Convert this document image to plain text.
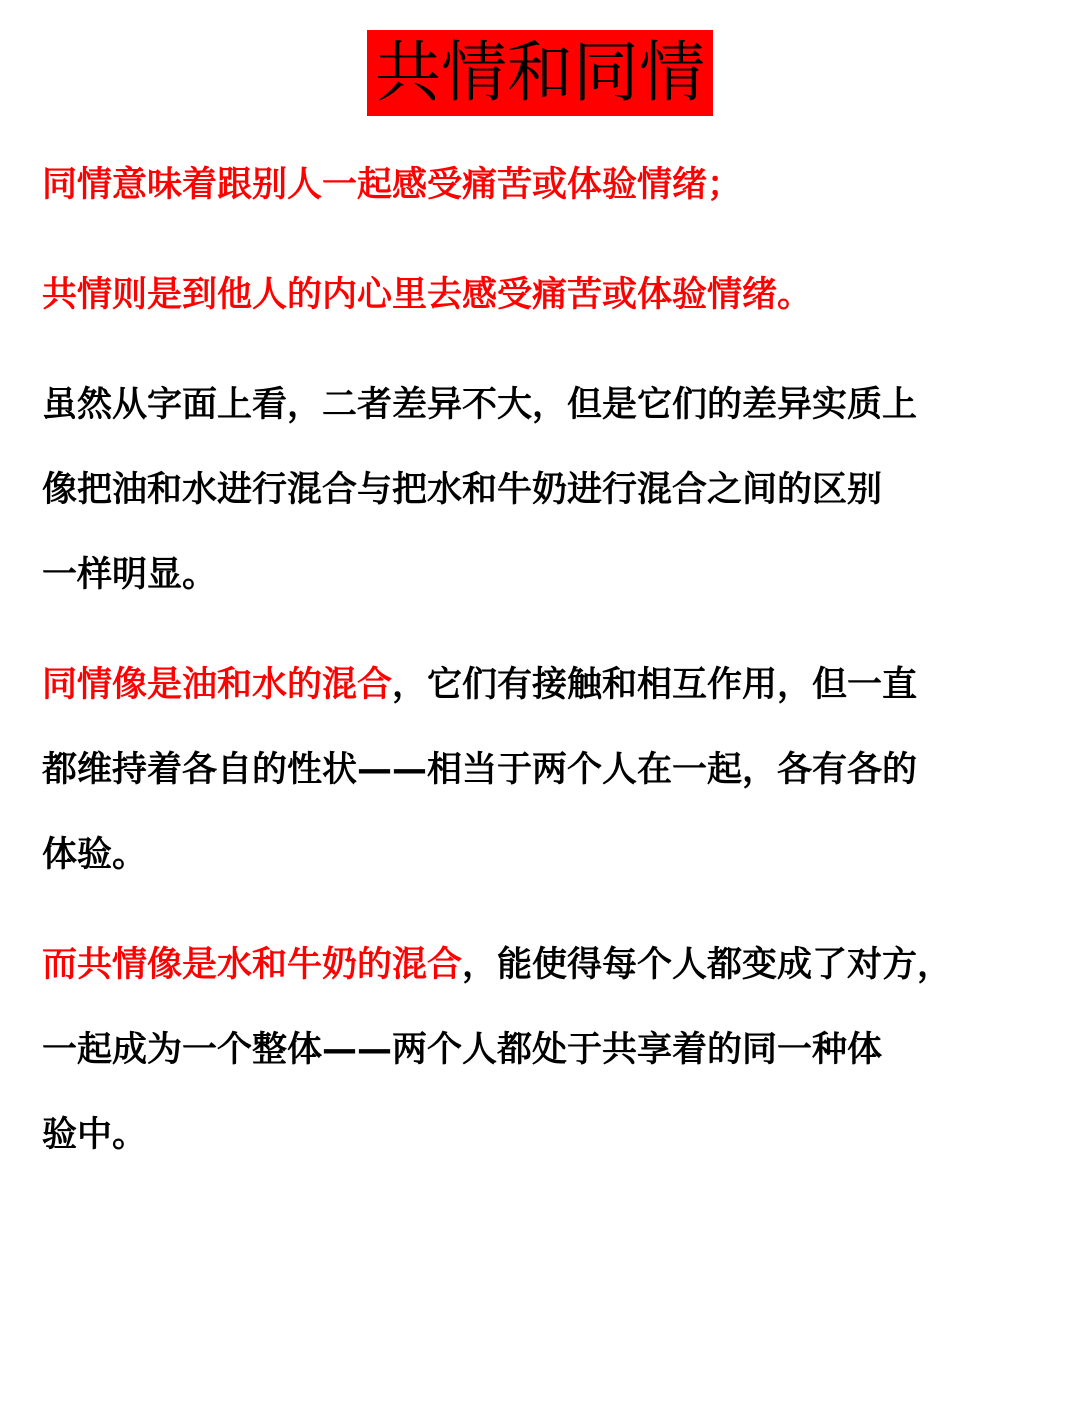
共情和同情
同情意味着跟别人一起感受痛苦或体验情绪；
共情则是到他人的内心里去感受痛苦或体验情绪。
虽然从字面上看，二者差异不大，但是它们的差异实质上
像把油和水进行混合与把水和牛奶进行混合之间的区别
一样明显。
同情像是油和水的混合，它们有接触和相互作用，但一直
都维持着各自的性状——相当于两个人在一起，各有各的
体验。
而共情像是水和牛奶的混合，能使得每个人都变成了对方，
一起成为一个整体——两个人都处于共享着的同一种体
验中。
